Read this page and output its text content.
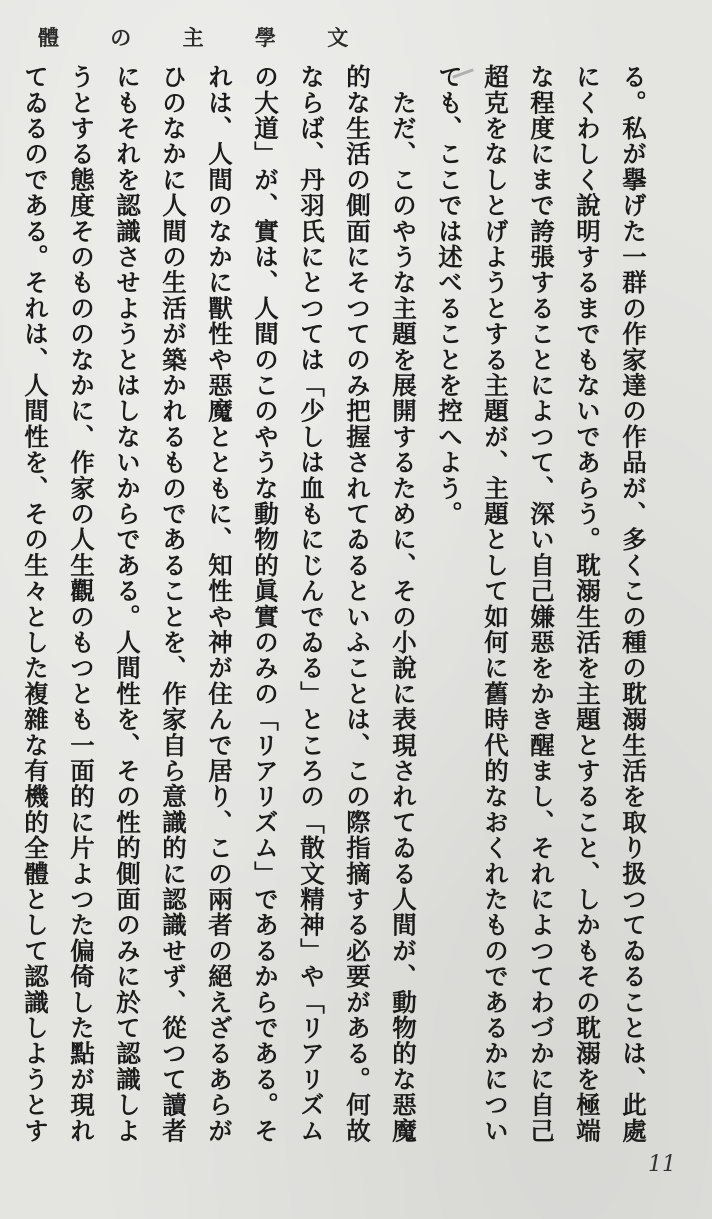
體 の 主 學 文
る。私が擧げた一群の作家達の作品が、多くこの種の耽溺生活を取り扱つてゐることは、此處
にくわしく說明するまでもないであらう。耽溺生活を主題とすること、しかもその耽溺を極端
な程度にまで誇張することによつて、深い自己嫌惡をかき醒まし、それによつてわづかに自己
超克をなしとげようとする主題が、主題として如何に舊時代的なおくれたものであるかについ
ても、ここでは述べることを控へよう。
　ただ、このやうな主題を展開するために、その小說に表現されてゐる人間が、動物的な惡魔
的な生活の側面にそつてのみ把握されてゐるといふことは、この際指摘する必要がある。何故
ならば、丹羽氏にとつては「少しは血もにじんでゐる」ところの「散文精神」や「リアリズム
の大道」が、實は、人間のこのやうな動物的眞實のみの「リアリズム」であるからである。そ
れは、人間のなかに獸性や惡魔とともに、知性や神が住んで居り、この兩者の絕えざるあらが
ひのなかに人間の生活が築かれるものであることを、作家自ら意識的に認識せず、從つて讀者
にもそれを認識させようとはしないからである。人間性を、その性的側面のみに於て認識しよ
うとする態度そのもののなかに、作家の人生觀のもつとも一面的に片よつた偏倚した點が現れ
てゐるのである。それは、人間性を、その生々とした複雜な有機的全體として認識しようとす
11
